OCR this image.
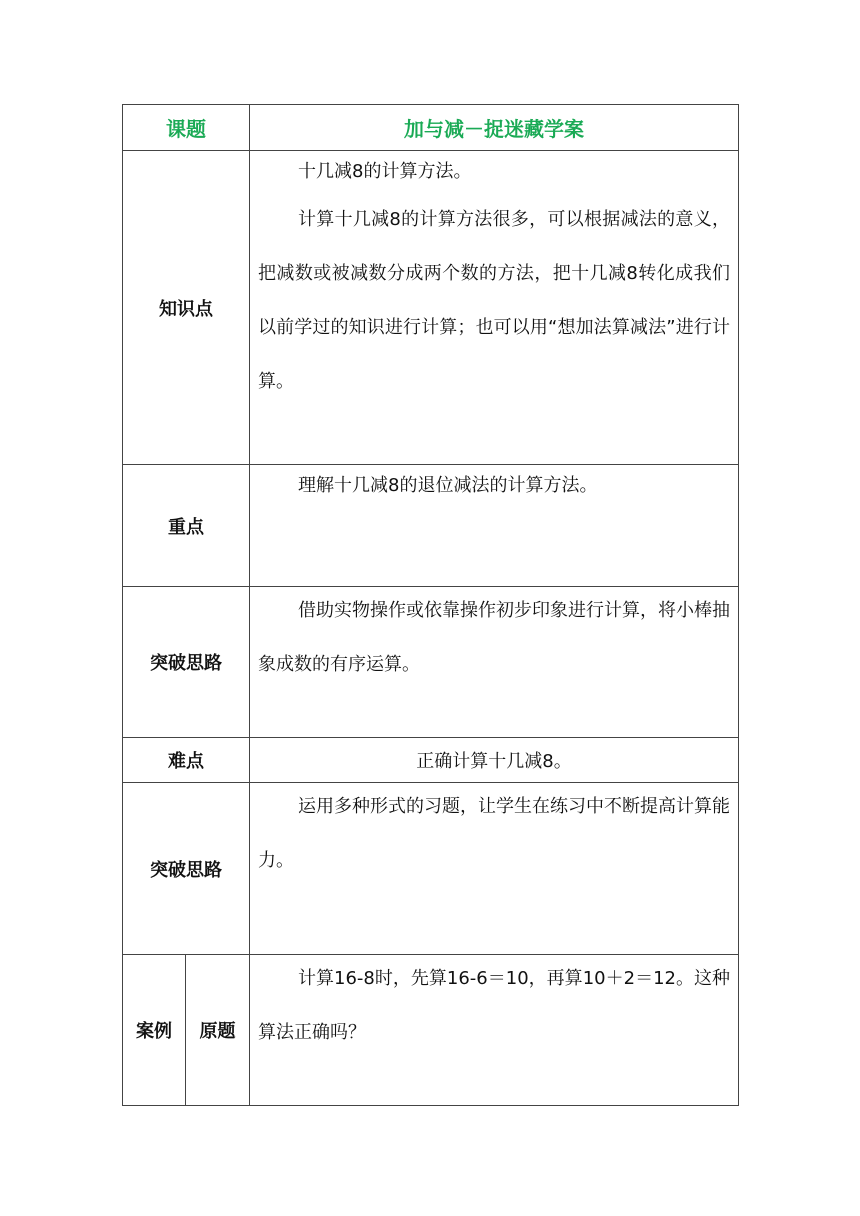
课题		加与减－捉迷藏学案
知识点		十几减8的计算方法。

计算十几减8的计算方法很多，可以根据减法的意义，把减数或被减数分成两个数的方法，把十几减8转化成我们以前学过的知识进行计算；也可以用“想加法算减法”进行计算。

重点		理解十几减8的退位减法的计算方法。

突破思路		借助实物操作或依靠操作初步印象进行计算，将小棒抽象成数的有序运算。

难点		正确计算十几减8。
突破思路		运用多种形式的习题，让学生在练习中不断提高计算能力。

案例	原题	计算16-8时，先算16-6＝10，再算10＋2＝12。这种算法正确吗？
